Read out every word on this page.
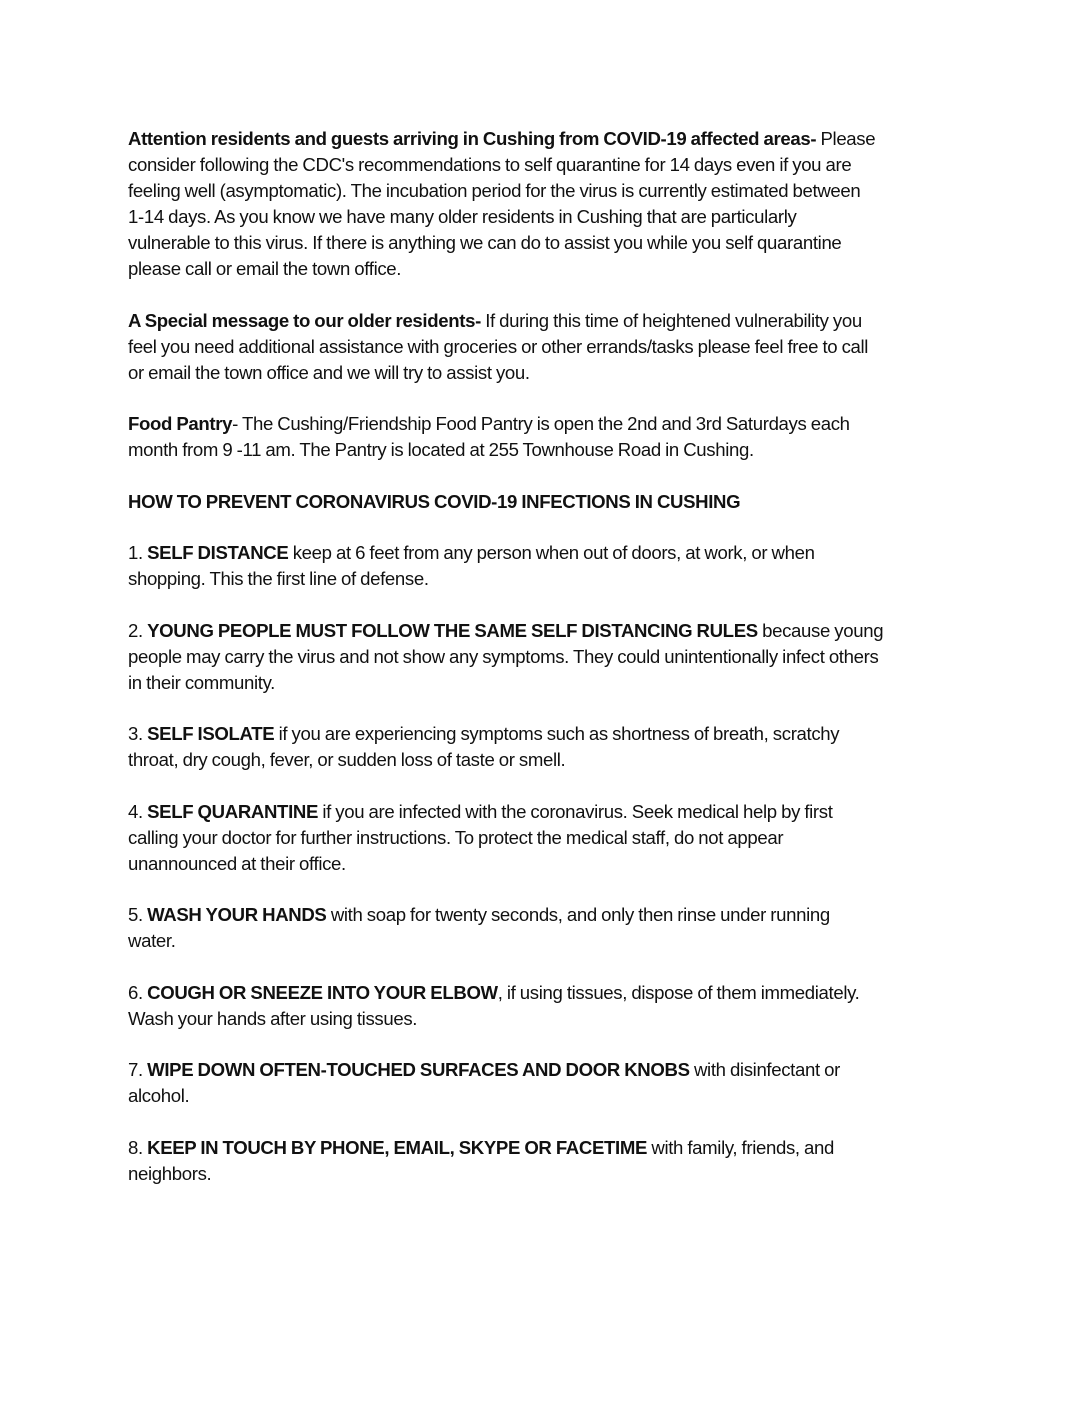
Attention residents and guests arriving in Cushing from COVID-19 affected areas- Please
consider following the CDC's recommendations to self quarantine for 14 days even if you are
feeling well (asymptomatic). The incubation period for the virus is currently estimated between
1-14 days. As you know we have many older residents in Cushing that are particularly
vulnerable to this virus. If there is anything we can do to assist you while you self quarantine
please call or email the town office.

A Special message to our older residents- If during this time of heightened vulnerability you
feel you need additional assistance with groceries or other errands/tasks please feel free to call
or email the town office and we will try to assist you.

Food Pantry- The Cushing/Friendship Food Pantry is open the 2nd and 3rd Saturdays each
month from 9 -11 am. The Pantry is located at 255 Townhouse Road in Cushing.

HOW TO PREVENT CORONAVIRUS COVID-19 INFECTIONS IN CUSHING

1. SELF DISTANCE keep at 6 feet from any person when out of doors, at work, or when
shopping. This the first line of defense.

2. YOUNG PEOPLE MUST FOLLOW THE SAME SELF DISTANCING RULES because young
people may carry the virus and not show any symptoms. They could unintentionally infect others
in their community.

3. SELF ISOLATE if you are experiencing symptoms such as shortness of breath, scratchy
throat, dry cough, fever, or sudden loss of taste or smell.

4. SELF QUARANTINE if you are infected with the coronavirus. Seek medical help by first
calling your doctor for further instructions. To protect the medical staff, do not appear
unannounced at their office.

5. WASH YOUR HANDS with soap for twenty seconds, and only then rinse under running
water.

6. COUGH OR SNEEZE INTO YOUR ELBOW, if using tissues, dispose of them immediately.
Wash your hands after using tissues.

7. WIPE DOWN OFTEN-TOUCHED SURFACES AND DOOR KNOBS with disinfectant or
alcohol.

8. KEEP IN TOUCH BY PHONE, EMAIL, SKYPE OR FACETIME with family, friends, and
neighbors.
